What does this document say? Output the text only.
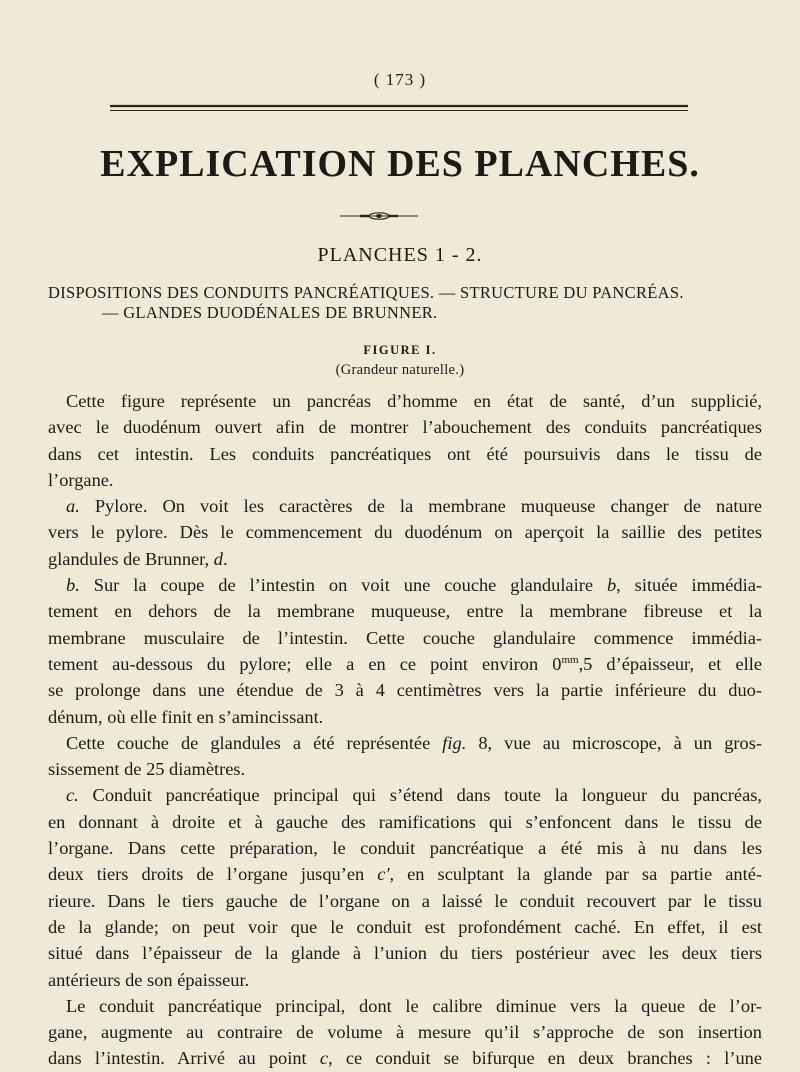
( 173 )
EXPLICATION DES PLANCHES.
PLANCHES 1 - 2.
DISPOSITIONS DES CONDUITS PANCRÉATIQUES. — STRUCTURE DU PANCRÉAS.
— GLANDES DUODÉNALES DE BRUNNER.
FIGURE I.
(Grandeur naturelle.)
Cette figure représente un pancréas d’homme en état de santé, d’un supplicié,
avec le duodénum ouvert afin de montrer l’abouchement des conduits pancréatiques
dans cet intestin. Les conduits pancréatiques ont été poursuivis dans le tissu de
l’organe.
a. Pylore. On voit les caractères de la membrane muqueuse changer de nature
vers le pylore. Dès le commencement du duodénum on aperçoit la saillie des petites
glandules de Brunner, d.
b. Sur la coupe de l’intestin on voit une couche glandulaire b, située immédia-
tement en dehors de la membrane muqueuse, entre la membrane fibreuse et la
membrane musculaire de l’intestin. Cette couche glandulaire commence immédia-
tement au-dessous du pylore; elle a en ce point environ $0^{mm},5$ d’épaisseur, et elle
se prolonge dans une étendue de 3 à 4 centimètres vers la partie inférieure du duo-
dénum, où elle finit en s’amincissant.
Cette couche de glandules a été représentée fig. 8, vue au microscope, à un gros-
sissement de 25 diamètres.
c. Conduit pancréatique principal qui s’étend dans toute la longueur du pancréas,
en donnant à droite et à gauche des ramifications qui s’enfoncent dans le tissu de
l’organe. Dans cette préparation, le conduit pancréatique a été mis à nu dans les
deux tiers droits de l’organe jusqu’en c′, en sculptant la glande par sa partie anté-
rieure. Dans le tiers gauche de l’organe on a laissé le conduit recouvert par le tissu
de la glande; on peut voir que le conduit est profondément caché. En effet, il est
situé dans l’épaisseur de la glande à l’union du tiers postérieur avec les deux tiers
antérieurs de son épaisseur.
Le conduit pancréatique principal, dont le calibre diminue vers la queue de l’or-
gane, augmente au contraire de volume à mesure qu’il s’approche de son insertion
dans l’intestin. Arrivé au point c, ce conduit se bifurque en deux branches : l’une
